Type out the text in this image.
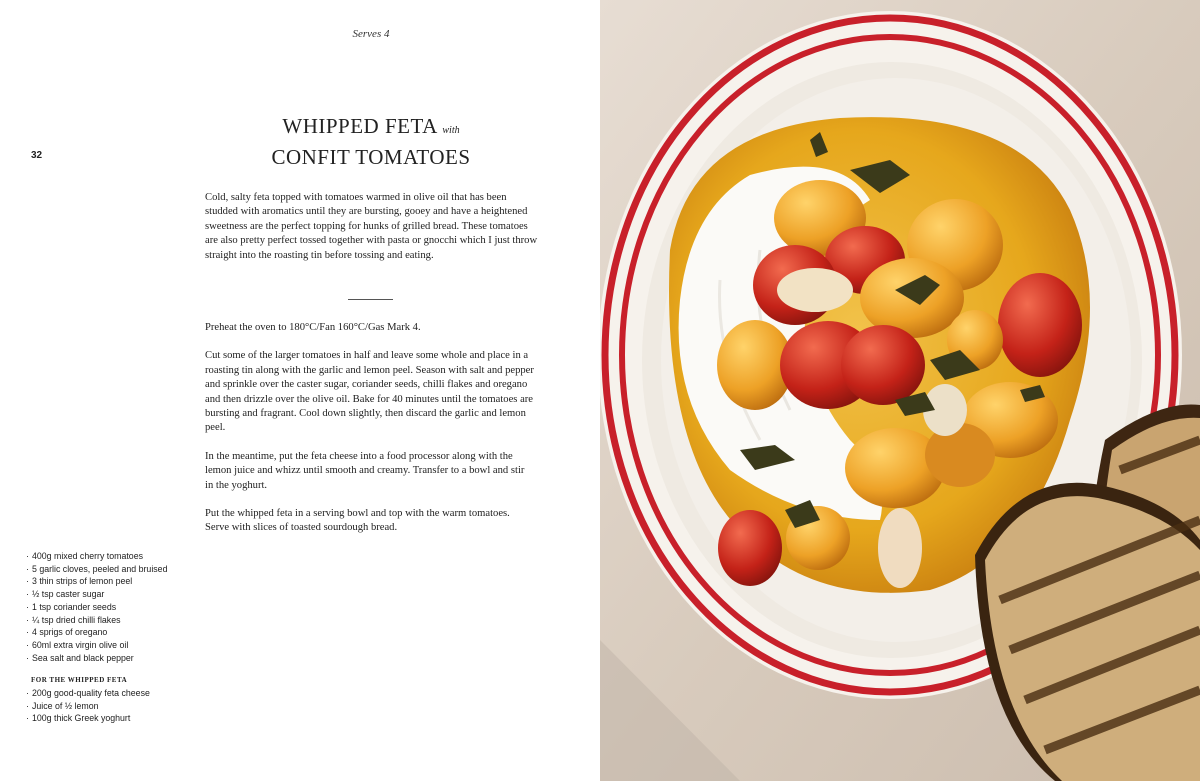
Serves 4
32
WHIPPED FETA with
CONFIT TOMATOES

Cold, salty feta topped with tomatoes warmed in olive oil that has been studded with aromatics until they are bursting, gooey and have a heightened sweetness are the perfect topping for hunks of grilled bread. These tomatoes are also pretty perfect tossed together with pasta or gnocchi which I just throw straight into the roasting tin before tossing and eating.

Preheat the oven to 180°C/Fan 160°C/Gas Mark 4.

Cut some of the larger tomatoes in half and leave some whole and place in a roasting tin along with the garlic and lemon peel. Season with salt and pepper and sprinkle over the caster sugar, coriander seeds, chilli flakes and oregano and then drizzle over the olive oil. Bake for 40 minutes until the tomatoes are bursting and fragrant. Cool down slightly, then discard the garlic and lemon peel.

In the meantime, put the feta cheese into a food processor along with the lemon juice and whizz until smooth and creamy. Transfer to a bowl and stir in the yoghurt.

Put the whipped feta in a serving bowl and top with the warm tomatoes. Serve with slices of toasted sourdough bread.

· 400g mixed cherry tomatoes
· 5 garlic cloves, peeled and bruised
· 3 thin strips of lemon peel
· ½ tsp caster sugar
· 1 tsp coriander seeds
· ¼ tsp dried chilli flakes
· 4 sprigs of oregano
· 60ml extra virgin olive oil
· Sea salt and black pepper
FOR THE WHIPPED FETA
· 200g good-quality feta cheese
· Juice of ½ lemon
· 100g thick Greek yoghurt
